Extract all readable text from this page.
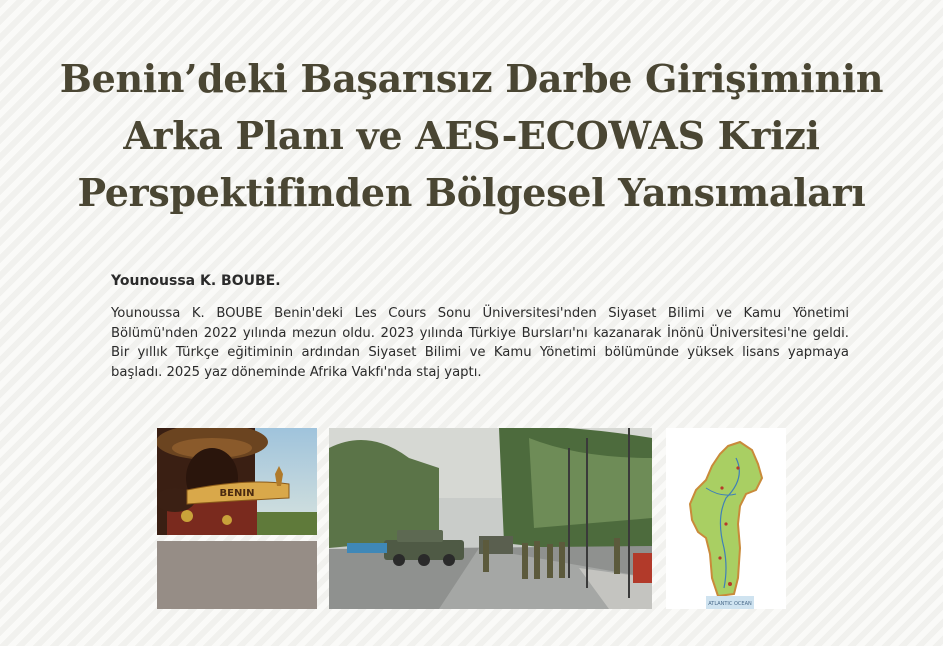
Benin’deki Başarısız Darbe Girişiminin
Arka Planı ve AES-ECOWAS Krizi
Perspektifinden Bölgesel Yansımaları

Younoussa K. BOUBE.

Younoussa K. BOUBE Benin'deki Les Cours Sonu Üniversitesi'nden Siyaset Bilimi ve Kamu Yönetimi Bölümü'nden 2022 yılında mezun oldu. 2023 yılında Türkiye Bursları'nı kazanarak İnönü Üniversitesi'ne geldi. Bir yıllık Türkçe eğitiminin ardından Siyaset Bilimi ve Kamu Yönetimi bölümünde yüksek lisans yapmaya başladı. 2025 yaz döneminde Afrika Vakfı'nda staj yaptı.

BENIN
ATLANTIC OCEAN
